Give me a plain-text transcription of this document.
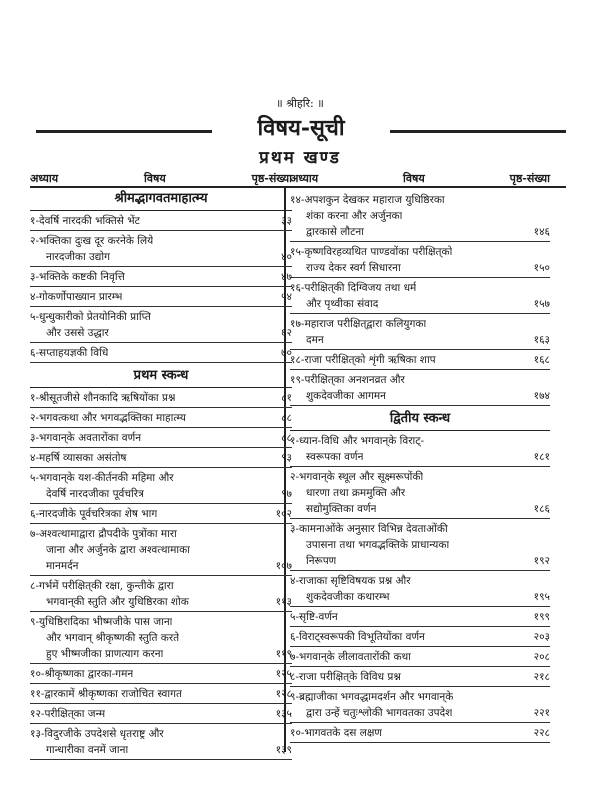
॥ श्रीहरि: ॥
विषय-सूची
प्रथम खण्ड
अध्याय	विषय	पृष्ठ-संख्या
श्रीमद्भागवतमाहात्म्य
१-देवर्षि नारदकी भक्तिसे भेंट	३३
२-भक्तिका दुःख दूर करनेके लिये
नारदजीका उद्योग	४०
३-भक्तिके कष्टकी निवृत्ति	४७
४-गोकर्णोपाख्यान प्रारम्भ	५४
५-धुन्धुकारीको प्रेतयोनिकी प्राप्ति
और उससे उद्धार	६२
६-सप्ताहयज्ञकी विधि	७०
प्रथम स्कन्ध
१-श्रीसूतजीसे शौनकादि ऋषियोंका प्रश्न	८१
२-भगवत्कथा और भगवद्भक्तिका माहात्म्य	८८
३-भगवान्‌के अवतारोंका वर्णन	८८
४-महर्षि व्यासका असंतोष	९३
५-भगवान्‌के यश-कीर्तनकी महिमा और
देवर्षि नारदजीका पूर्वचरित्र	९७
६-नारदजीके पूर्वचरित्रका शेष भाग	१०२
७-अश्वत्थामाद्वारा द्रौपदीके पुत्रोंका मारा
जाना और अर्जुनके द्वारा अश्वत्थामाका
मानमर्दन	१०७
८-गर्भमें परीक्षित्‌की रक्षा, कुन्तीके द्वारा
भगवान्‌की स्तुति और युधिष्ठिरका शोक	११३
९-युधिष्ठिरादिका भीष्मजीके पास जाना
और भगवान्‌ श्रीकृष्णकी स्तुति करते
हुए भीष्मजीका प्राणत्याग करना	११९
१०-श्रीकृष्णका द्वारका-गमन	१२५
११-द्वारकामें श्रीकृष्णका राजोचित स्वागत	१२८
१२-परीक्षित्‌का जन्म	१३५
१३-विदुरजीके उपदेशसे धृतराष्ट्र और
गान्धारीका वनमें जाना	१३९
अध्याय	विषय	पृष्ठ-संख्या
१४-अपशकुन देखकर महाराज युधिष्ठिरका
शंका करना और अर्जुनका
द्वारकासे लौटना	१४६
१५-कृष्णविरहव्यथित पाण्डवोंका परीक्षित्‌को
राज्य देकर स्वर्ग सिधारना	१५०
१६-परीक्षित्‌की दिग्विजय तथा धर्म
और पृथ्वीका संवाद	१५७
१७-महाराज परीक्षित्‌द्वारा कलियुगका
दमन	१६३
१८-राजा परीक्षित्‌को शृंगी ऋषिका शाप	१६८
१९-परीक्षित्‌का अनशनव्रत और
शुकदेवजीका आगमन	१७४
द्वितीय स्कन्ध
१-ध्यान-विधि और भगवान्‌के विराट्‌-
स्वरूपका वर्णन	१८१
२-भगवान्‌के स्थूल और सूक्ष्मरूपोंकी
धारणा तथा क्रममुक्ति और
सद्योमुक्तिका वर्णन	१८६
३-कामनाओंके अनुसार विभिन्न देवताओंकी
उपासना तथा भगवद्भक्तिके प्राधान्यका
निरूपण	१९२
४-राजाका सृष्टिविषयक प्रश्न और
शुकदेवजीका कथारम्भ	१९५
५-सृष्टि-वर्णन	१९९
६-विराट्‌स्वरूपकी विभूतियोंका वर्णन	२०३
७-भगवान्‌के लीलावतारोंकी कथा	२०८
८-राजा परीक्षित्‌के विविध प्रश्न	२१८
९-ब्रह्माजीका भगवद्धामदर्शन और भगवान्‌के
द्वारा उन्हें चतुःश्लोकी भागवतका उपदेश	२२१
१०-भागवतके दस लक्षण	२२८
